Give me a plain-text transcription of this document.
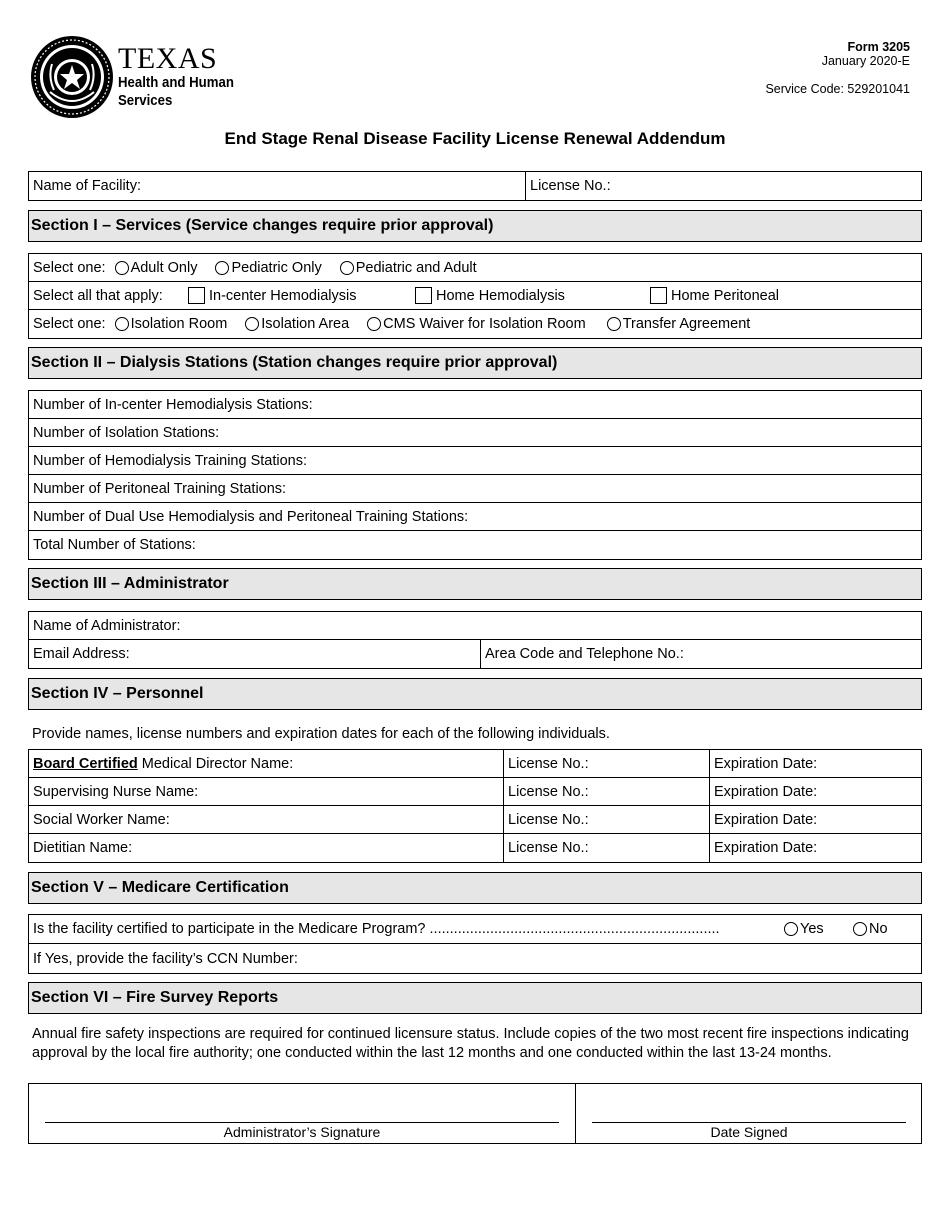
TEXAS
Health and Human
Services
Form 3205
January 2020-E
Service Code: 529201041
End Stage Renal Disease Facility License Renewal Addendum
Name of Facility:	License No.:
Section I – Services (Service changes require prior approval)
Select one: Adult Only Pediatric Only Pediatric and Adult
Select all that apply:	In-center Hemodialysis	Home Hemodialysis	Home Peritoneal
Select one: Isolation Room Isolation Area CMS Waiver for Isolation Room	Transfer Agreement
Section II – Dialysis Stations (Station changes require prior approval)
Number of In-center Hemodialysis Stations:
Number of Isolation Stations:
Number of Hemodialysis Training Stations:
Number of Peritoneal Training Stations:
Number of Dual Use Hemodialysis and Peritoneal Training Stations:
Total Number of Stations:
Section III – Administrator
Name of Administrator:
Email Address:	Area Code and Telephone No.:
Section IV – Personnel
Provide names, license numbers and expiration dates for each of the following individuals.
Board Certified
Medical Director Name:	License No.:	Expiration Date:
Supervising Nurse Name:	License No.:	Expiration Date:
Social Worker Name:	License No.:	Expiration Date:
Dietitian Name:	License No.:	Expiration Date:
Section V – Medicare Certification
Is the facility certified to participate in the Medicare Program? ........................................................................	Yes	No
If Yes, provide the facility’s CCN Number:
Section VI – Fire Survey Reports
Annual fire safety inspections are required for continued licensure status. Include copies of the two most recent fire inspections indicating approval by the local fire authority; one conducted within the last 12 months and one conducted within the last 13-24 months.
Administrator’s Signature	Date Signed
